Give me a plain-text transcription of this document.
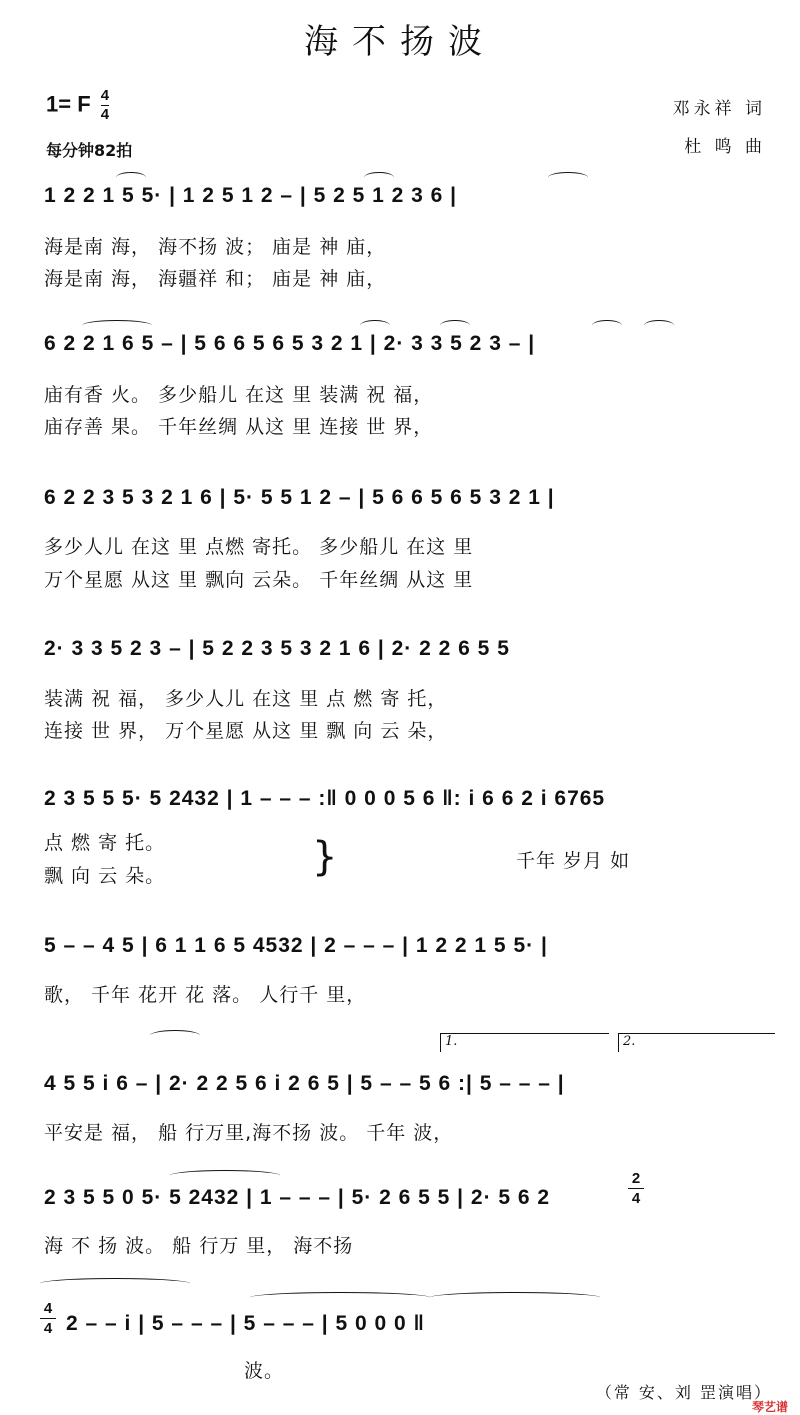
海不扬波
1= F $\frac{4}{4}$
每分钟82拍
邓永祥 词
杜 鸣 曲
1 2 2 1 5 5· | 1 2 5 1 2 – | 5 2 5 1 2 3 6 |
海是南 海， 海不扬 波； 庙是 神 庙，
海是南 海， 海疆祥 和； 庙是 神 庙，
6 2 2 1 6 5 – | 5 6 6 5 6 5 3 2 1 | 2· 3 3 5 2 3 – |
庙有香 火。 多少船儿 在这 里 装满 祝 福，
庙存善 果。 千年丝绸 从这 里 连接 世 界，
6 2 2 3 5 3 2 1 6 | 5· 5 5 1 2 – | 5 6 6 5 6 5 3 2 1 |
多少人儿 在这 里 点燃 寄托。 多少船儿 在这 里
万个星愿 从这 里 飘向 云朵。 千年丝绸 从这 里
2· 3 3 5 2 3 – | 5 2 2 3 5 3 2 1 6 | 2· 2 2 6 5 5
装满 祝 福， 多少人儿 在这 里 点 燃 寄 托，
连接 世 界， 万个星愿 从这 里 飘 向 云 朵，
2 3 5 5 5· 5 2432 | 1 – – – :‖ 0 0 0 5 6 ‖: i 6 6 2 i 6765
点 燃 寄 托。
飘 向 云 朵。	}	千年 岁月 如
5 – – 4 5 | 6 1 1 6 5 4532 | 2 – – – | 1 2 2 1 5 5· |
歌， 千年 花开 花 落。 人行千 里，
1.	2.
4 5 5 i 6 – | 2· 2 2 5 6 i 2 6 5 | 5 – – 5 6 :| 5 – – – |
平安是 福， 船 行万里,海不扬 波。 千年 波，
2 3 5 5 0 5· 5 2432 | 1 – – – | 5· 2 6 5 5 | 2· 5 6 2
2
4
海 不 扬 波。 船 行万 里， 海不扬
4
4 2 – – i | 5 – – – | 5 – – – | 5 0 0 0 ‖
波。
（常 安、刘 罡演唱）
琴艺谱
